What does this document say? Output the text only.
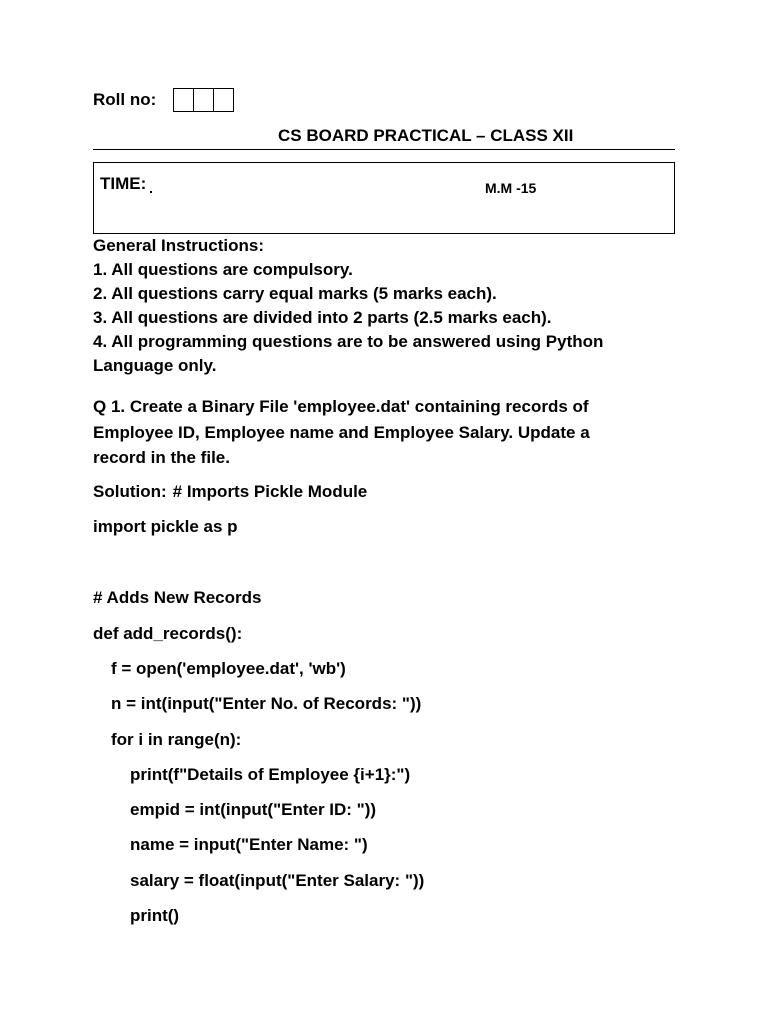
Roll no:
CS BOARD PRACTICAL – CLASS XII
TIME:	M.M -15
General Instructions:
1. All questions are compulsory.
2. All questions carry equal marks (5 marks each).
3. All questions are divided into 2 parts (2.5 marks each).
4. All programming questions are to be answered using Python
Language only.
Q 1. Create a Binary File 'employee.dat' containing records of
Employee ID, Employee name and Employee Salary. Update a
record in the file.
Solution: # Imports Pickle Module
import pickle as p
# Adds New Records
def add_records():
f = open('employee.dat', 'wb')
n = int(input("Enter No. of Records: "))
for i in range(n):
print(f"Details of Employee {i+1}:")
empid = int(input("Enter ID: "))
name = input("Enter Name: ")
salary = float(input("Enter Salary: "))
print()
